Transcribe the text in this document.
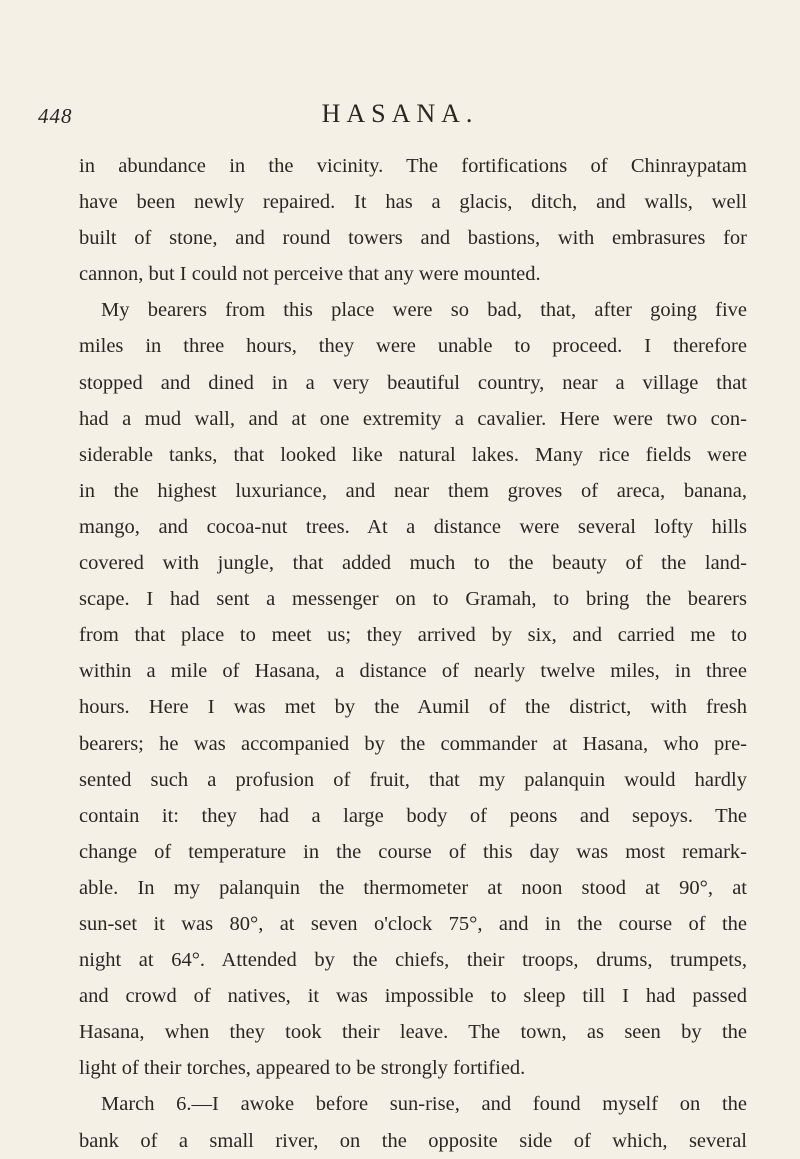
448	HASANA.
in abundance in the vicinity. The fortifications of Chinraypatam
have been newly repaired. It has a glacis, ditch, and walls, well
built of stone, and round towers and bastions, with embrasures for
cannon, but I could not perceive that any were mounted.
My bearers from this place were so bad, that, after going five
miles in three hours, they were unable to proceed. I therefore
stopped and dined in a very beautiful country, near a village that
had a mud wall, and at one extremity a cavalier. Here were two con-
siderable tanks, that looked like natural lakes. Many rice fields were
in the highest luxuriance, and near them groves of areca, banana,
mango, and cocoa-nut trees. At a distance were several lofty hills
covered with jungle, that added much to the beauty of the land-
scape. I had sent a messenger on to Gramah, to bring the bearers
from that place to meet us; they arrived by six, and carried me to
within a mile of Hasana, a distance of nearly twelve miles, in three
hours. Here I was met by the Aumil of the district, with fresh
bearers; he was accompanied by the commander at Hasana, who pre-
sented such a profusion of fruit, that my palanquin would hardly
contain it: they had a large body of peons and sepoys. The
change of temperature in the course of this day was most remark-
able. In my palanquin the thermometer at noon stood at 90°, at
sun-set it was 80°, at seven o'clock 75°, and in the course of the
night at 64°. Attended by the chiefs, their troops, drums, trumpets,
and crowd of natives, it was impossible to sleep till I had passed
Hasana, when they took their leave. The town, as seen by the
light of their torches, appeared to be strongly fortified.
March 6.—I awoke before sun-rise, and found myself on the
bank of a small river, on the opposite side of which, several
